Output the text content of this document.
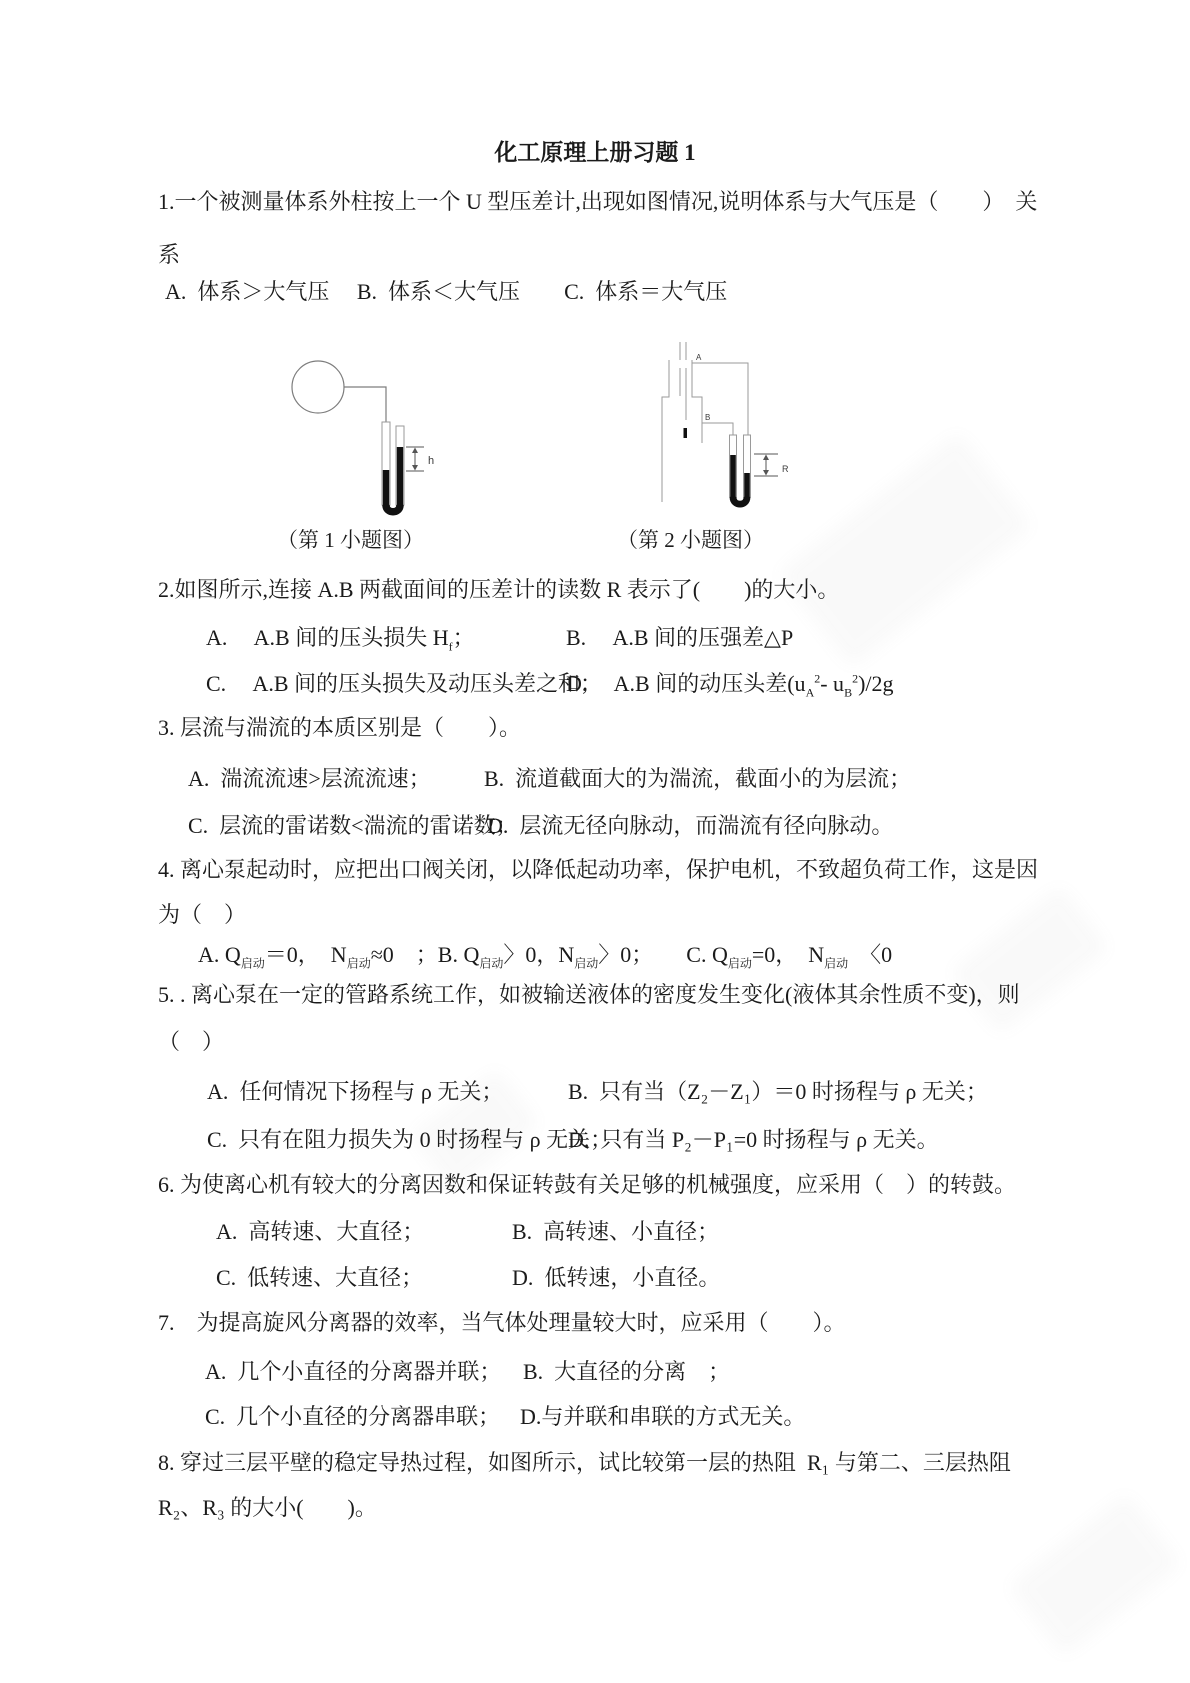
化工原理上册习题 1
1.一个被测量体系外柱按上一个 U 型压差计,出现如图情况,说明体系与大气压是（　　）　关
系
A.  体系＞大气压　 B.  体系＜大气压　　C.  体系＝大气压
h
A
B
R
（第 1 小题图）	（第 2 小题图）
2.如图所示,连接 A.B 两截面间的压差计的读数 R 表示了(　　)的大小。
A.　 A.B 间的压头损失 $H_f$；	B.　 A.B 间的压强差△P
C.　 A.B 间的压头损失及动压头差之和；
D.　 A.B 间的动压头差($u_A^2-$ $u_B^2)/2g$
3. 层流与湍流的本质区别是（　　）。
A.  湍流流速>层流流速； B.  流道截面大的为湍流，截面小的为层流；
C.  层流的雷诺数<湍流的雷诺数；
D.  层流无径向脉动，而湍流有径向脉动。
4. 离心泵起动时，应把出口阀关闭，以降低起动功率，保护电机，不致超负荷工作，这是因
为（　）
A. $Q_{启动}=0$，　$N_{启动}\approx 0$　；B. $Q_{启动}$〉0，$N_{启动}$〉0；　　C. $Q_{启动}=0$，　$N_{启动}$　〈0
5. . 离心泵在一定的管路系统工作，如被输送液体的密度发生变化(液体其余性质不变)，则
（　）
A.  任何情况下扬程与 ρ 无关；	B.  只有当（Z₂－Z₁）＝0 时扬程与 ρ 无关；
C.  只有在阻力损失为 0 时扬程与 ρ 无关；
D.  只有当 P₂－P₁=0 时扬程与 ρ 无关。
6. 为使离心机有较大的分离因数和保证转鼓有关足够的机械强度，应采用（　）的转鼓。
A.  高转速、大直径；	B.  高转速、小直径；
C.  低转速、大直径；	D.  低转速，小直径。
7.　为提高旋风分离器的效率，当气体处理量较大时，应采用（　　）。
A.  几个小直径的分离器并联； B.  大直径的分离　；
C.  几个小直径的分离器串联； D.与并联和串联的方式无关。
8. 穿过三层平壁的稳定导热过程，如图所示，试比较第一层的热阻  R₁ 与第二、三层热阻
R₂、R₃ 的大小(　　)。
